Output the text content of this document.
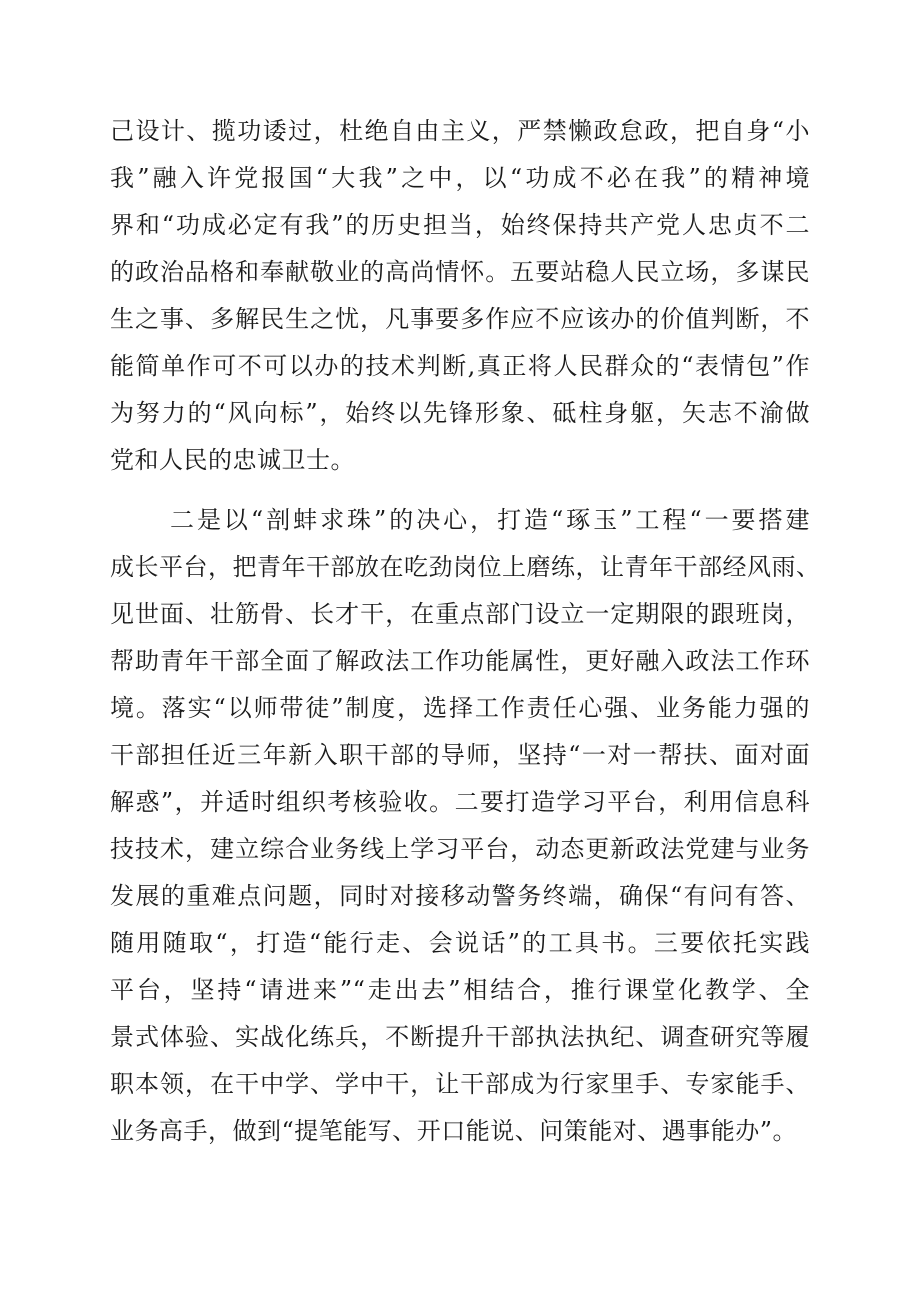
己设计、揽功诿过，杜绝自由主义，严禁懒政怠政，把自身“小
我”融入许党报国“大我”之中，以“功成不必在我”的精神境
界和“功成必定有我”的历史担当，始终保持共产党人忠贞不二
的政治品格和奉献敬业的高尚情怀。五要站稳人民立场，多谋民
生之事、多解民生之忧，凡事要多作应不应该办的价值判断，不
能简单作可不可以办的技术判断,真正将人民群众的“表情包”作
为努力的“风向标”，始终以先锋形象、砥柱身躯，矢志不渝做
党和人民的忠诚卫士。
二是以“剖蚌求珠”的决心，打造“琢玉”工程“一要搭建
成长平台，把青年干部放在吃劲岗位上磨练，让青年干部经风雨、
见世面、壮筋骨、长才干，在重点部门设立一定期限的跟班岗，
帮助青年干部全面了解政法工作功能属性，更好融入政法工作环
境。落实“以师带徒”制度，选择工作责任心强、业务能力强的
干部担任近三年新入职干部的导师，坚持“一对一帮扶、面对面
解惑”，并适时组织考核验收。二要打造学习平台，利用信息科
技技术，建立综合业务线上学习平台，动态更新政法党建与业务
发展的重难点问题，同时对接移动警务终端，确保“有问有答、
随用随取“，打造“能行走、会说话”的工具书。三要依托实践
平台，坚持“请进来”“走出去”相结合，推行课堂化教学、全
景式体验、实战化练兵，不断提升干部执法执纪、调查研究等履
职本领，在干中学、学中干，让干部成为行家里手、专家能手、
业务高手，做到“提笔能写、开口能说、问策能对、遇事能办”。
